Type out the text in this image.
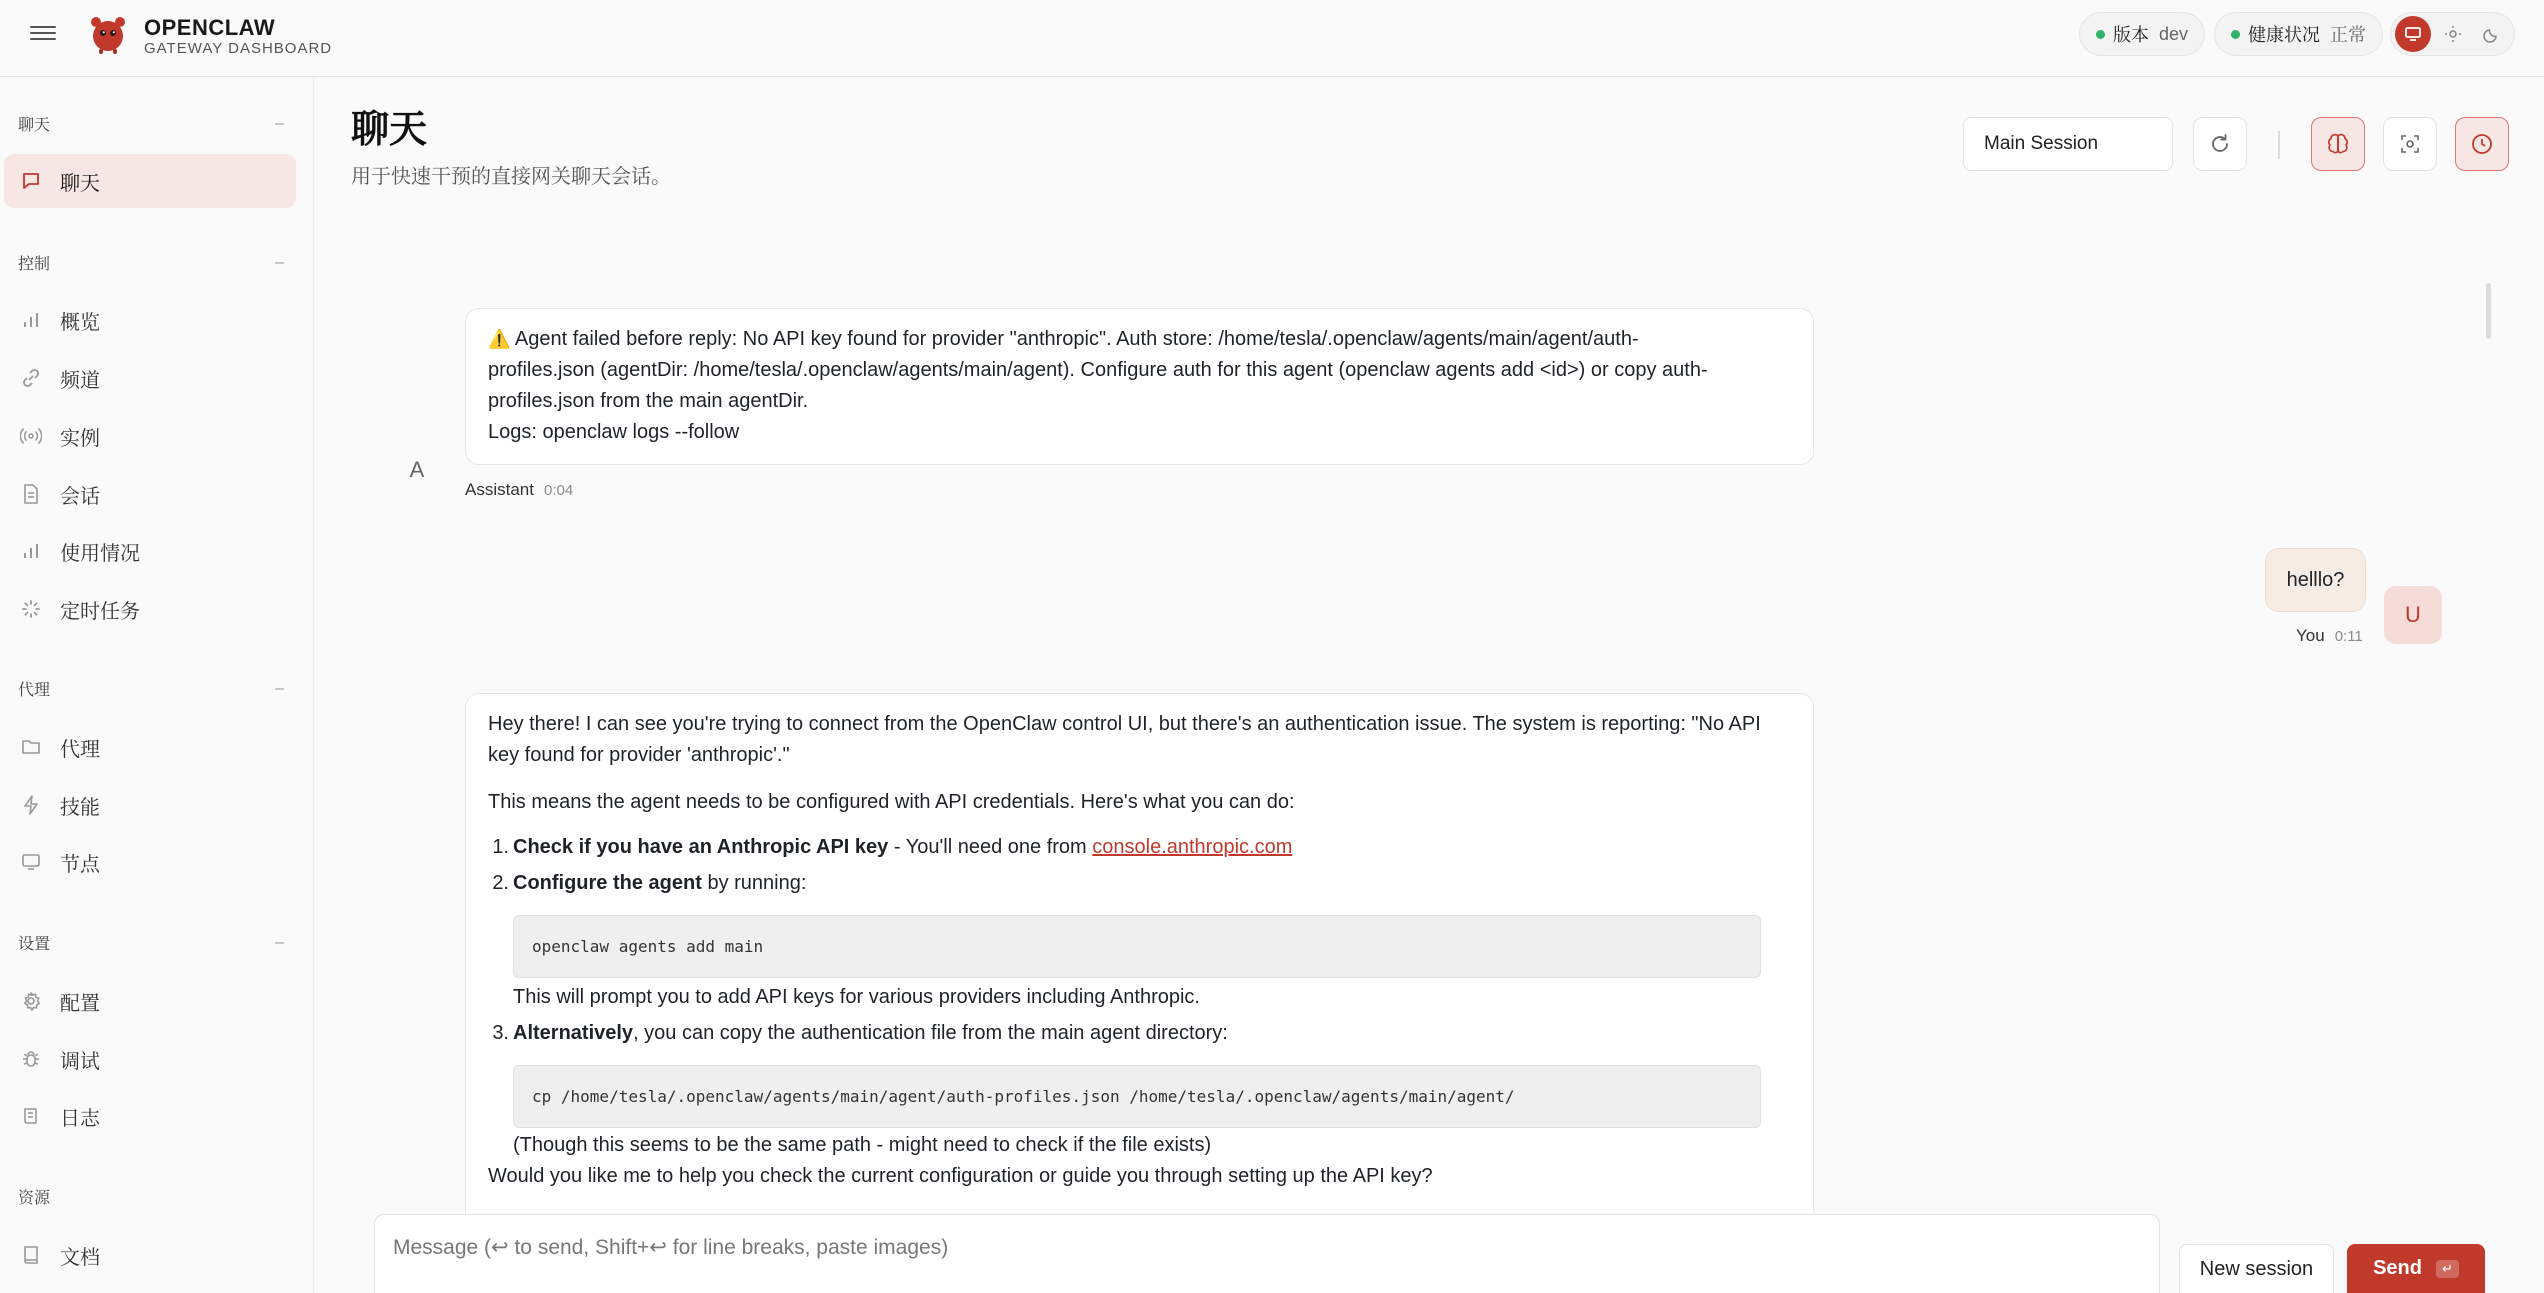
OPENCLAW
GATEWAY DASHBOARD
版本 dev	健康状况 正常
聊天	–
聊天
控制	–
概览
频道
实例
会话
使用情况
定时任务
代理	–
代理
技能
节点
设置	–
配置
调试
日志
资源
文档
聊天
用于快速干预的直接网关聊天会话。
Main Session
⚠️ Agent failed before reply: No API key found for provider "anthropic". Auth store: /home/tesla/.openclaw/agents/main/agent/auth-
profiles.json (agentDir: /home/tesla/.openclaw/agents/main/agent). Configure auth for this agent (openclaw agents add <id>) or copy auth-
profiles.json from the main agentDir.
Logs: openclaw logs --follow
A
Assistant 0:04
helllo?
U
You 0:11
Hey there! I can see you're trying to connect from the OpenClaw control UI, but there's an authentication issue. The system is reporting: "No API
key found for provider 'anthropic'."
This means the agent needs to be configured with API credentials. Here's what you can do:
1. Check if you have an Anthropic API key - You'll need one from console.anthropic.com
2. Configure the agent by running:
openclaw agents add main
This will prompt you to add API keys for various providers including Anthropic.
3. Alternatively, you can copy the authentication file from the main agent directory:
cp /home/tesla/.openclaw/agents/main/agent/auth-profiles.json /home/tesla/.openclaw/agents/main/agent/
(Though this seems to be the same path - might need to check if the file exists)
Would you like me to help you check the current configuration or guide you through setting up the API key?
Message (↩ to send, Shift+↩ for line breaks, paste images)
New session	Send	↵
